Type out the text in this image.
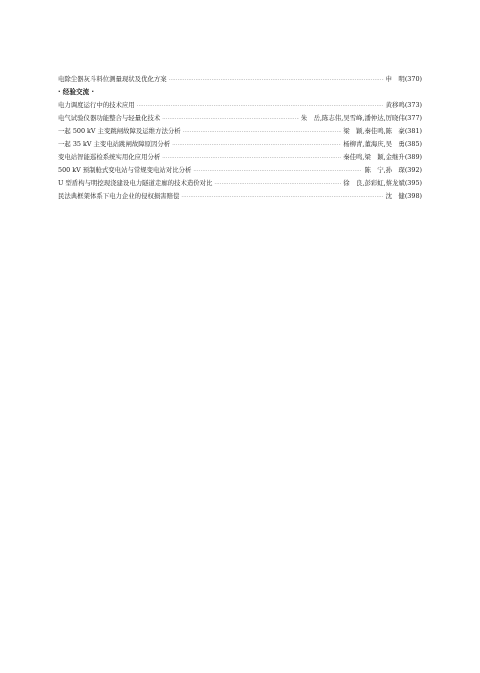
电除尘器灰斗料位测量现状及优化方案 ·····	申　明 (370)
· 经验交流 ·
电力调度运行中的技术应用 ·····	黄移鸣 (373)
电气试验仪器功能整合与轻量化技术 ·····	朱　岳,陈志伟,吴雪峰,潘仲达,厉晓伟 (377)
一起 500 kV 主变跳闸故障及运维方法分析 ·····	梁　颖,秦佳鸣,陈　豪 (381)
一起 35 kV 主变电站跳闸故障原因分析 ·····	杨柳青,董海庆,吴　勇 (385)
变电站智能巡检系统实用化应用分析 ·····	秦佳鸣,梁　颖,金继升 (389)
500 kV 预制舱式变电站与常规变电站对比分析 ·····	陈　宁,孙　琛 (392)
U 型盾构与明挖现浇建设电力隧道走廊的技术造价对比 ·····	徐　良,彭彩虹,蔡龙斌 (395)
民法典框架体系下电力企业的侵权损害赔偿 ·····	沈　健 (398)
